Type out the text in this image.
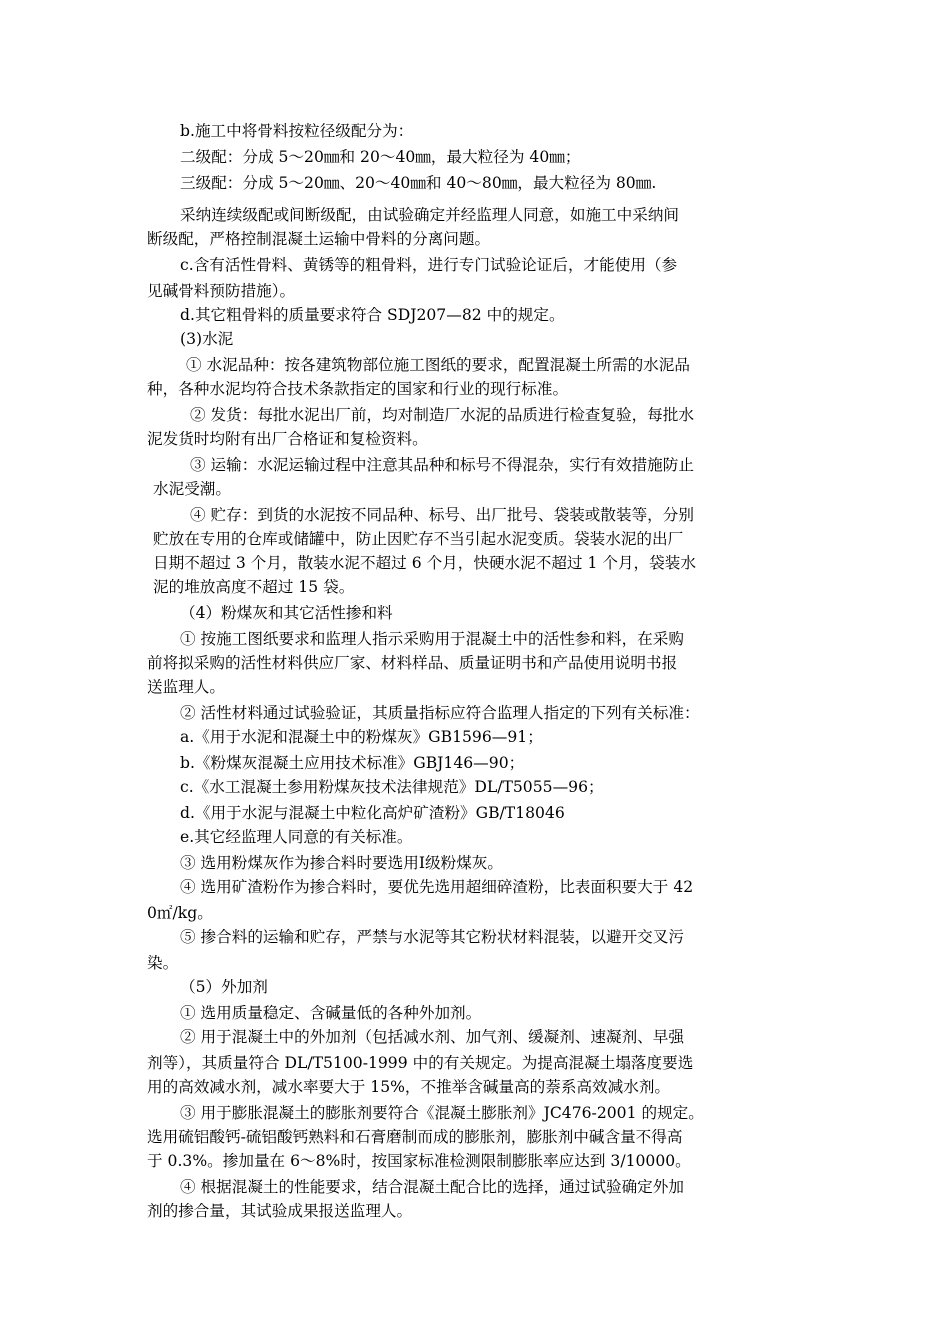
b.施工中将骨料按粒径级配分为：
二级配：分成 5～20㎜和 20～40㎜，最大粒径为 40㎜；
三级配：分成 5～20㎜、20～40㎜和 40～80㎜，最大粒径为 80㎜.
采纳连续级配或间断级配，由试验确定并经监理人同意，如施工中采纳间
断级配，严格控制混凝土运输中骨料的分离问题。
c.含有活性骨料、黄锈等的粗骨料，进行专门试验论证后，才能使用（参
见碱骨料预防措施）。
d.其它粗骨料的质量要求符合 SDJ207—82 中的规定。
(3)水泥
① 水泥品种：按各建筑物部位施工图纸的要求，配置混凝土所需的水泥品
种，各种水泥均符合技术条款指定的国家和行业的现行标准。
② 发货：每批水泥出厂前，均对制造厂水泥的品质进行检查复验，每批水
泥发货时均附有出厂合格证和复检资料。
③ 运输：水泥运输过程中注意其品种和标号不得混杂，实行有效措施防止
水泥受潮。
④ 贮存：到货的水泥按不同品种、标号、出厂批号、袋装或散装等，分别
贮放在专用的仓库或储罐中，防止因贮存不当引起水泥变质。袋装水泥的出厂
日期不超过 3 个月，散装水泥不超过 6 个月，快硬水泥不超过 1 个月，袋装水
泥的堆放高度不超过 15 袋。
（4）粉煤灰和其它活性掺和料
① 按施工图纸要求和监理人指示采购用于混凝土中的活性参和料，在采购
前将拟采购的活性材料供应厂家、材料样品、质量证明书和产品使用说明书报
送监理人。
② 活性材料通过试验验证，其质量指标应符合监理人指定的下列有关标准：
a.《用于水泥和混凝土中的粉煤灰》GB1596—91；
b.《粉煤灰混凝土应用技术标准》GBJ146—90；
c.《水工混凝土参用粉煤灰技术法律规范》DL/T5055—96；
d.《用于水泥与混凝土中粒化高炉矿渣粉》GB/T18046
e.其它经监理人同意的有关标准。
③ 选用粉煤灰作为掺合料时要选用Ⅰ级粉煤灰。
④ 选用矿渣粉作为掺合料时，要优先选用超细碎渣粉，比表面积要大于 42
0㎡/kg。
⑤ 掺合料的运输和贮存，严禁与水泥等其它粉状材料混装，以避开交叉污
染。
（5）外加剂
① 选用质量稳定、含碱量低的各种外加剂。
② 用于混凝土中的外加剂（包括减水剂、加气剂、缓凝剂、速凝剂、早强
剂等），其质量符合 DL/T5100-1999 中的有关规定。为提高混凝土塌落度要选
用的高效减水剂，减水率要大于 15%，不推举含碱量高的萘系高效减水剂。
③ 用于膨胀混凝土的膨胀剂要符合《混凝土膨胀剂》JC476-2001 的规定。
选用硫铝酸钙-硫铝酸钙熟料和石膏磨制而成的膨胀剂，膨胀剂中碱含量不得高
于 0.3%。掺加量在 6～8%时，按国家标准检测限制膨胀率应达到 3/10000。
④ 根据混凝土的性能要求，结合混凝土配合比的选择，通过试验确定外加
剂的掺合量，其试验成果报送监理人。
